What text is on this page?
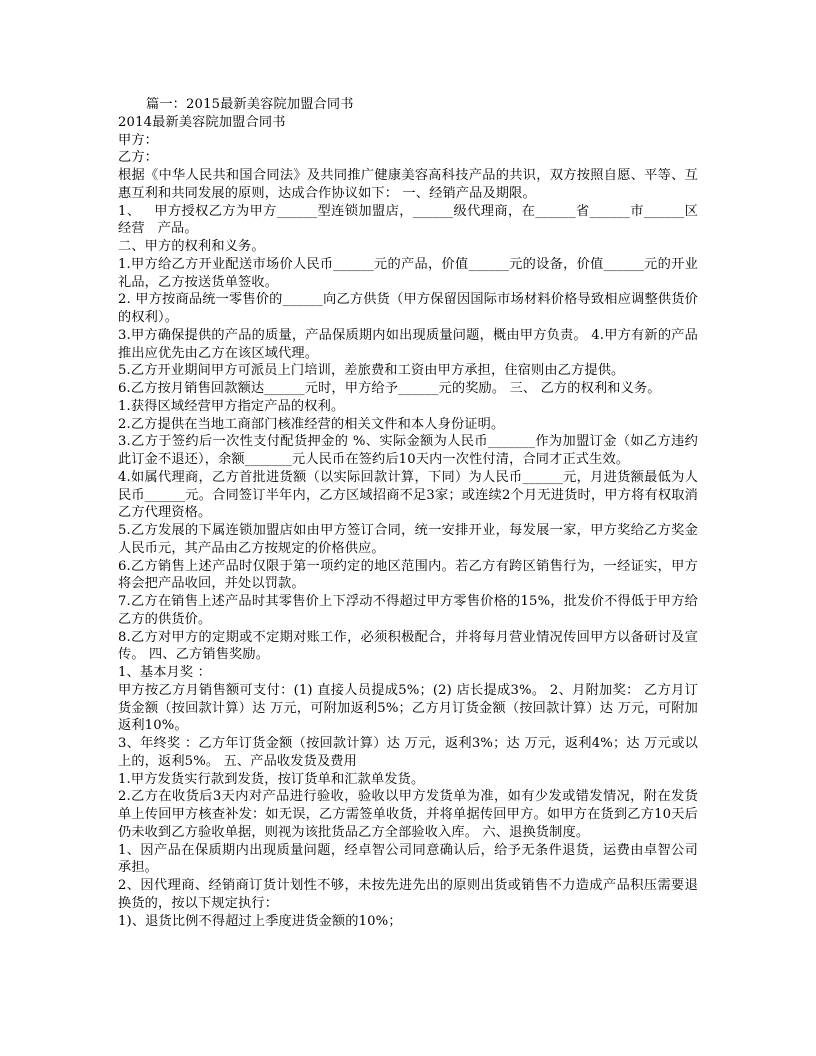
篇一：2015最新美容院加盟合同书

2014最新美容院加盟合同书

甲方：

乙方：

根据《中华人民共和国合同法》及共同推广健康美容高科技产品的共识，双方按照自愿、平等、互惠互利和共同发展的原则，达成合作协议如下： 一、经销产品及期限。

1、   甲方授权乙方为甲方______型连锁加盟店，______级代理商，在______省______市______区经营   产品。

二、甲方的权利和义务。

1.甲方给乙方开业配送市场价人民币______元的产品，价值______元的设备，价值______元的开业礼品，乙方按送货单签收。

2. 甲方按商品统一零售价的______向乙方供货（甲方保留因国际市场材料价格导致相应调整供货价的权利）。

3.甲方确保提供的产品的质量，产品保质期内如出现质量问题，概由甲方负责。 4.甲方有新的产品推出应优先由乙方在该区域代理。

5.乙方开业期间甲方可派员上门培训，差旅费和工资由甲方承担，住宿则由乙方提供。

6.乙方按月销售回款额达______元时，甲方给予______元的奖励。 三、 乙方的权利和义务。

1.获得区域经营甲方指定产品的权利。

2.乙方提供在当地工商部门核准经营的相关文件和本人身份证明。

3.乙方于签约后一次性支付配货押金的 %、实际金额为人民币_______作为加盟订金（如乙方违约此订金不退还），余额_______元人民币在签约后10天内一次性付清，合同才正式生效。

4.如属代理商，乙方首批进货额（以实际回款计算，下同）为人民币______元，月进货额最低为人民币______元。合同签订半年内，乙方区域招商不足3家；或连续2个月无进货时，甲方将有权取消乙方代理资格。

5.乙方发展的下属连锁加盟店如由甲方签订合同，统一安排开业，每发展一家，甲方奖给乙方奖金人民币元，其产品由乙方按规定的价格供应。

6.乙方销售上述产品时仅限于第一项约定的地区范围内。若乙方有跨区销售行为，一经证实，甲方将会把产品收回，并处以罚款。

7.乙方在销售上述产品时其零售价上下浮动不得超过甲方零售价格的15%，批发价不得低于甲方给乙方的供货价。

8.乙方对甲方的定期或不定期对账工作，必须积极配合，并将每月营业情况传回甲方以备研讨及宣传。 四、乙方销售奖励。

1、基本月奖 ：

甲方按乙方月销售额可支付：(1) 直接人员提成5%；(2) 店长提成3%。 2、月附加奖： 乙方月订货金额（按回款计算）达 万元，可附加返利5%；乙方月订货金额（按回款计算）达 万元，可附加返利10%。

3、年终奖 ：乙方年订货金额（按回款计算）达 万元，返利3%；达 万元，返利4%；达 万元或以上的，返利5%。 五、产品收发货及费用

1.甲方发货实行款到发货，按订货单和汇款单发货。

2.乙方在收货后3天内对产品进行验收，验收以甲方发货单为准，如有少发或错发情况，附在发货单上传回甲方核查补发：如无误，乙方需签单收货，并将单据传回甲方。如甲方在货到乙方10天后仍未收到乙方验收单据，则视为该批货品乙方全部验收入库。 六、退换货制度。

1、因产品在保质期内出现质量问题，经卓智公司同意确认后，给予无条件退货，运费由卓智公司承担。

2、因代理商、经销商订货计划性不够，未按先进先出的原则出货或销售不力造成产品积压需要退换货的，按以下规定执行：

1)、退货比例不得超过上季度进货金额的10%；
